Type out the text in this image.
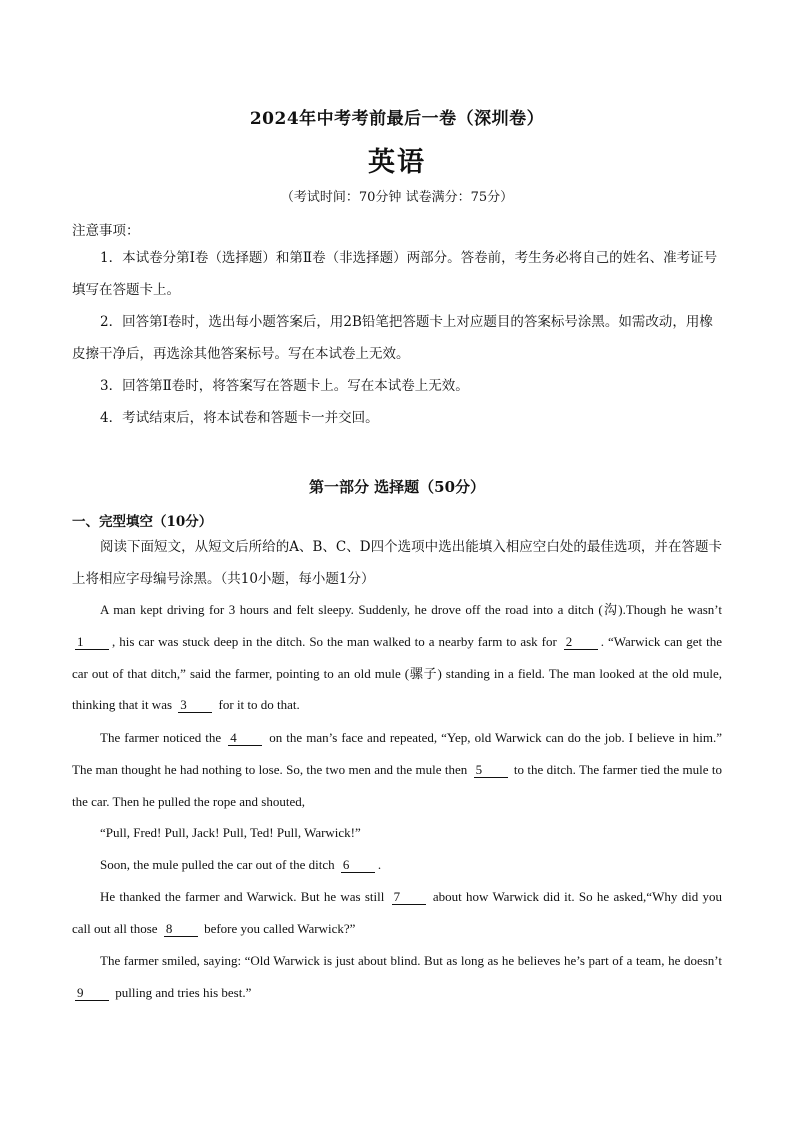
2024年中考考前最后一卷（深圳卷）
英语
（考试时间：70分钟 试卷满分：75分）
注意事项：
1．本试卷分第Ⅰ卷（选择题）和第Ⅱ卷（非选择题）两部分。答卷前，考生务必将自己的姓名、准考证号填写在答题卡上。
2．回答第Ⅰ卷时，选出每小题答案后，用2B铅笔把答题卡上对应题目的答案标号涂黑。如需改动，用橡皮擦干净后，再选涂其他答案标号。写在本试卷上无效。
3．回答第Ⅱ卷时，将答案写在答题卡上。写在本试卷上无效。
4．考试结束后，将本试卷和答题卡一并交回。
第一部分 选择题（50分）
一、完型填空（10分）
阅读下面短文，从短文后所给的A、B、C、D四个选项中选出能填入相应空白处的最佳选项，并在答题卡上将相应字母编号涂黑。（共10小题，每小题1分）
A man kept driving for 3 hours and felt sleepy. Suddenly, he drove off the road into a ditch (沟).Though he wasn’t 1 , his car was stuck deep in the ditch. So the man walked to a nearby farm to ask for 2 . “Warwick can get the car out of that ditch,” said the farmer, pointing to an old mule (骡子) standing in a field. The man looked at the old mule, thinking that it was 3 for it to do that.
The farmer noticed the 4 on the man’s face and repeated, “Yep, old Warwick can do the job. I believe in him.” The man thought he had nothing to lose. So, the two men and the mule then 5 to the ditch. The farmer tied the mule to the car. Then he pulled the rope and shouted,
“Pull, Fred! Pull, Jack! Pull, Ted! Pull, Warwick!”
Soon, the mule pulled the car out of the ditch 6 .
He thanked the farmer and Warwick. But he was still 7 about how Warwick did it. So he asked,“Why did you call out all those 8 before you called Warwick?”
The farmer smiled, saying: “Old Warwick is just about blind. But as long as he believes he’s part of a team, he doesn’t 9 pulling and tries his best.”
